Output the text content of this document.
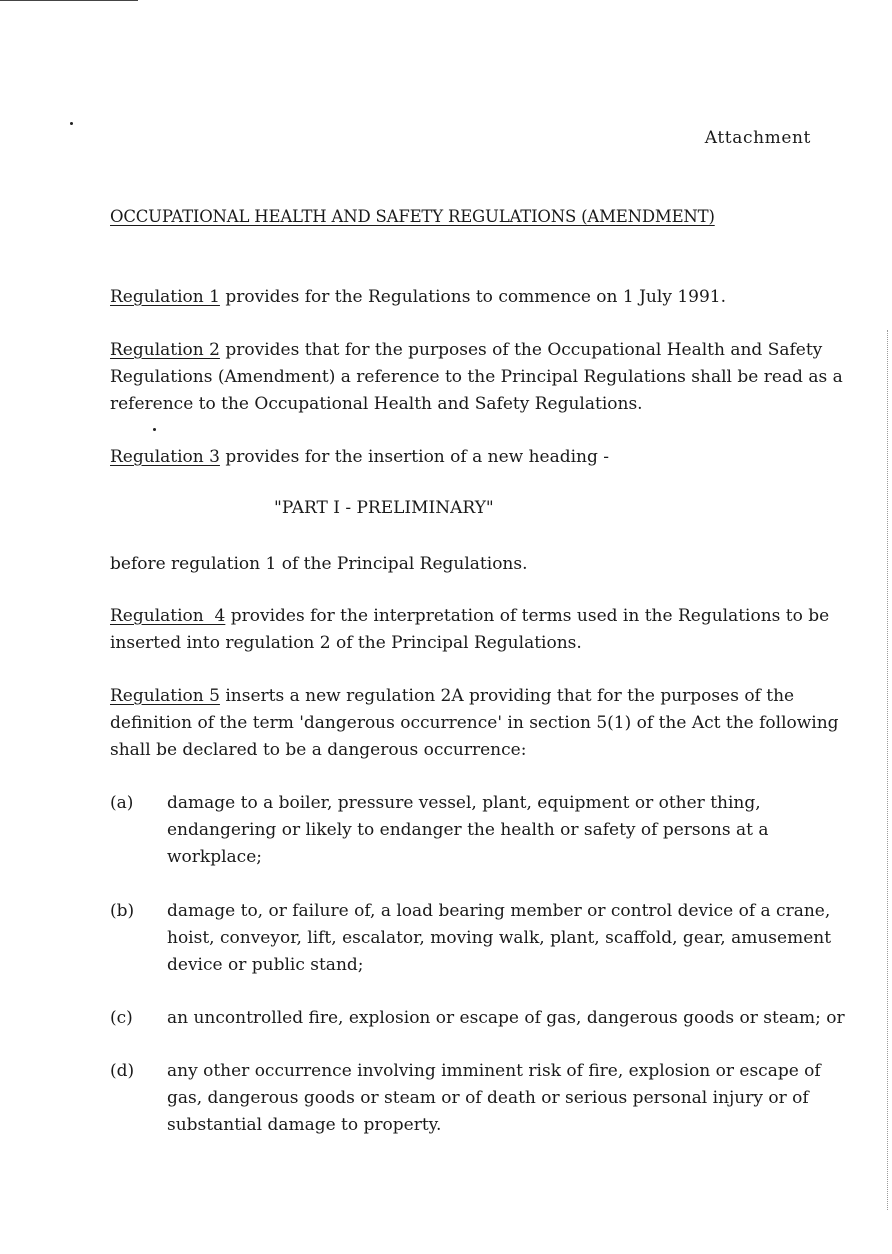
Attachment
OCCUPATIONAL HEALTH AND SAFETY REGULATIONS (AMENDMENT)
Regulation 1 provides for the Regulations to commence on 1 July 1991.
Regulation 2 provides that for the purposes of the Occupational Health and Safety
Regulations (Amendment) a reference to the Principal Regulations shall be read as a
reference to the Occupational Health and Safety Regulations.
Regulation 3 provides for the insertion of a new heading -
"PART I - PRELIMINARY"
before regulation 1 of the Principal Regulations.
Regulation  4 provides for the interpretation of terms used in the Regulations to be
inserted into regulation 2 of the Principal Regulations.
Regulation 5 inserts a new regulation 2A providing that for the purposes of the
definition of the term 'dangerous occurrence' in section 5(1) of the Act the following
shall be declared to be a dangerous occurrence:
(a) damage to a boiler, pressure vessel, plant, equipment or other thing,
endangering or likely to endanger the health or safety of persons at a
workplace;
(b) damage to, or failure of, a load bearing member or control device of a crane,
hoist, conveyor, lift, escalator, moving walk, plant, scaffold, gear, amusement
device or public stand;
(c) an uncontrolled fire, explosion or escape of gas, dangerous goods or steam; or
(d) any other occurrence involving imminent risk of fire, explosion or escape of
gas, dangerous goods or steam or of death or serious personal injury or of
substantial damage to property.
